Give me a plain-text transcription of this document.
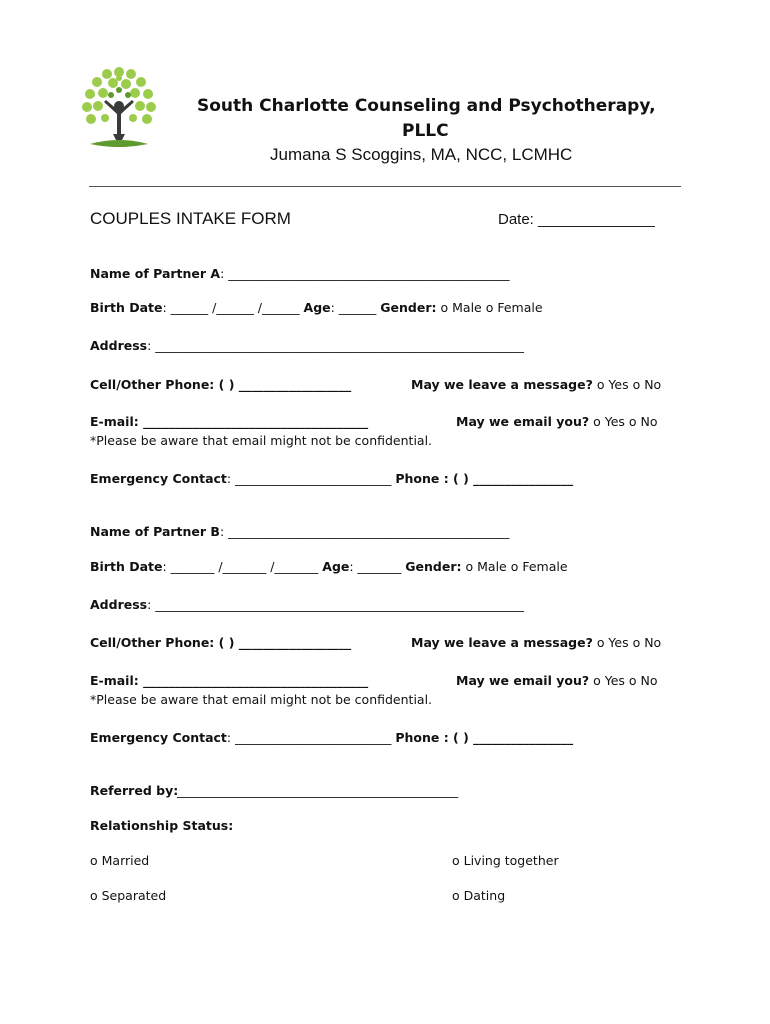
South Charlotte Counseling and Psychotherapy,
PLLC
Jumana S Scoggins, MA, NCC, LCMHC
COUPLES INTAKE FORM	Date: ______________
Name of Partner A: _____________________________________________
Birth Date: ______ /______ /______ Age: ______ Gender: o Male o Female
Address: ___________________________________________________________
Cell/Other Phone: ( ) __________________	May we leave a message? o Yes o No
E-mail: ____________________________________	May we email you? o Yes o No
*Please be aware that email might not be confidential.
Emergency Contact: _________________________ Phone : ( ) ________________
Name of Partner B: _____________________________________________
Birth Date: _______ /_______ /_______ Age: _______ Gender: o Male o Female
Address: ___________________________________________________________
Cell/Other Phone: ( ) __________________	May we leave a message? o Yes o No
E-mail: ____________________________________	May we email you? o Yes o No
*Please be aware that email might not be confidential.
Emergency Contact: _________________________ Phone : ( ) ________________
Referred by:
_____________________________________________
Relationship Status:
o Married	o Living together
o Separated	o Dating
